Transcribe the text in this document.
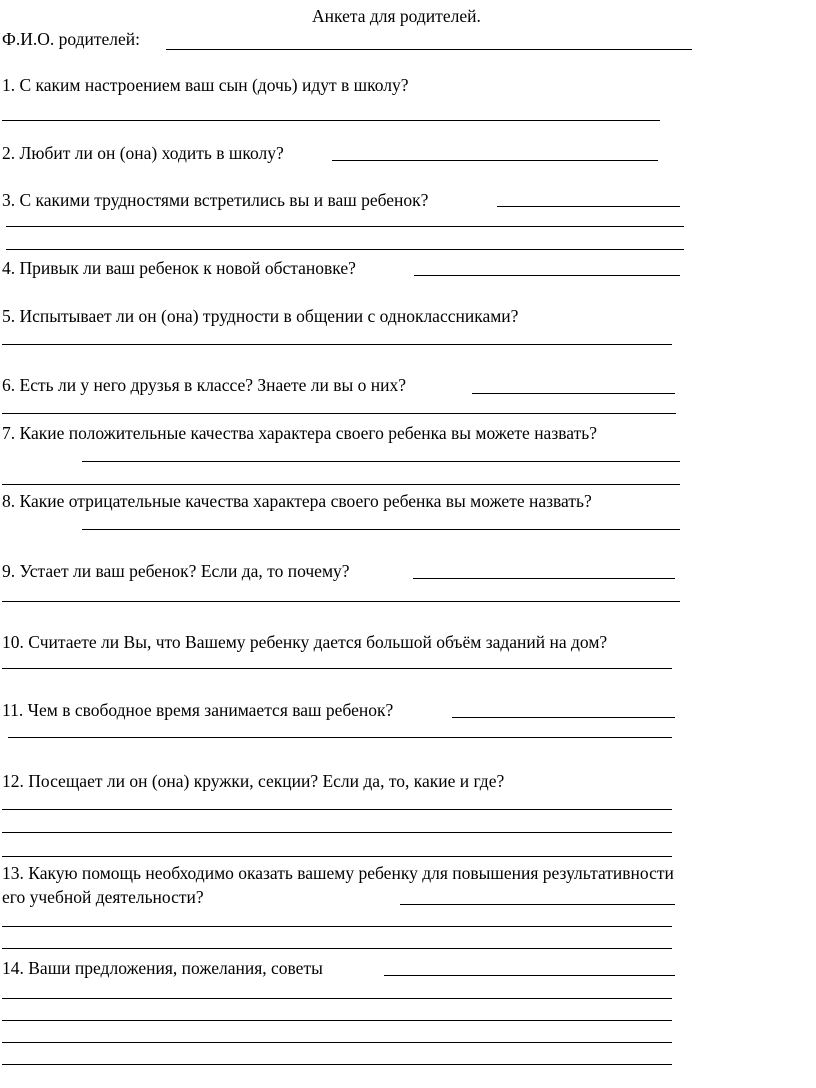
Анкета для родителей.
Ф.И.О. родителей:
1. С каким настроением ваш сын (дочь) идут в школу?
2. Любит ли он (она) ходить в школу?
3. С какими трудностями встретились вы и ваш ребенок?
4. Привык ли ваш ребенок к новой обстановке?
5. Испытывает ли он (она) трудности в общении с одноклассниками?
6. Есть ли у него друзья в классе? Знаете ли вы о них?
7. Какие положительные качества характера своего ребенка вы можете назвать?
8. Какие отрицательные качества характера своего ребенка вы можете назвать?
9. Устает ли ваш ребенок? Если да, то почему?
10. Считаете ли Вы, что Вашему ребенку дается большой объём заданий на дом?
11. Чем в свободное время занимается ваш ребенок?
12. Посещает ли он (она) кружки, секции? Если да, то, какие и где?
13. Какую помощь необходимо оказать вашему ребенку для повышения результативности
его учебной деятельности?
14. Ваши предложения, пожелания, советы
